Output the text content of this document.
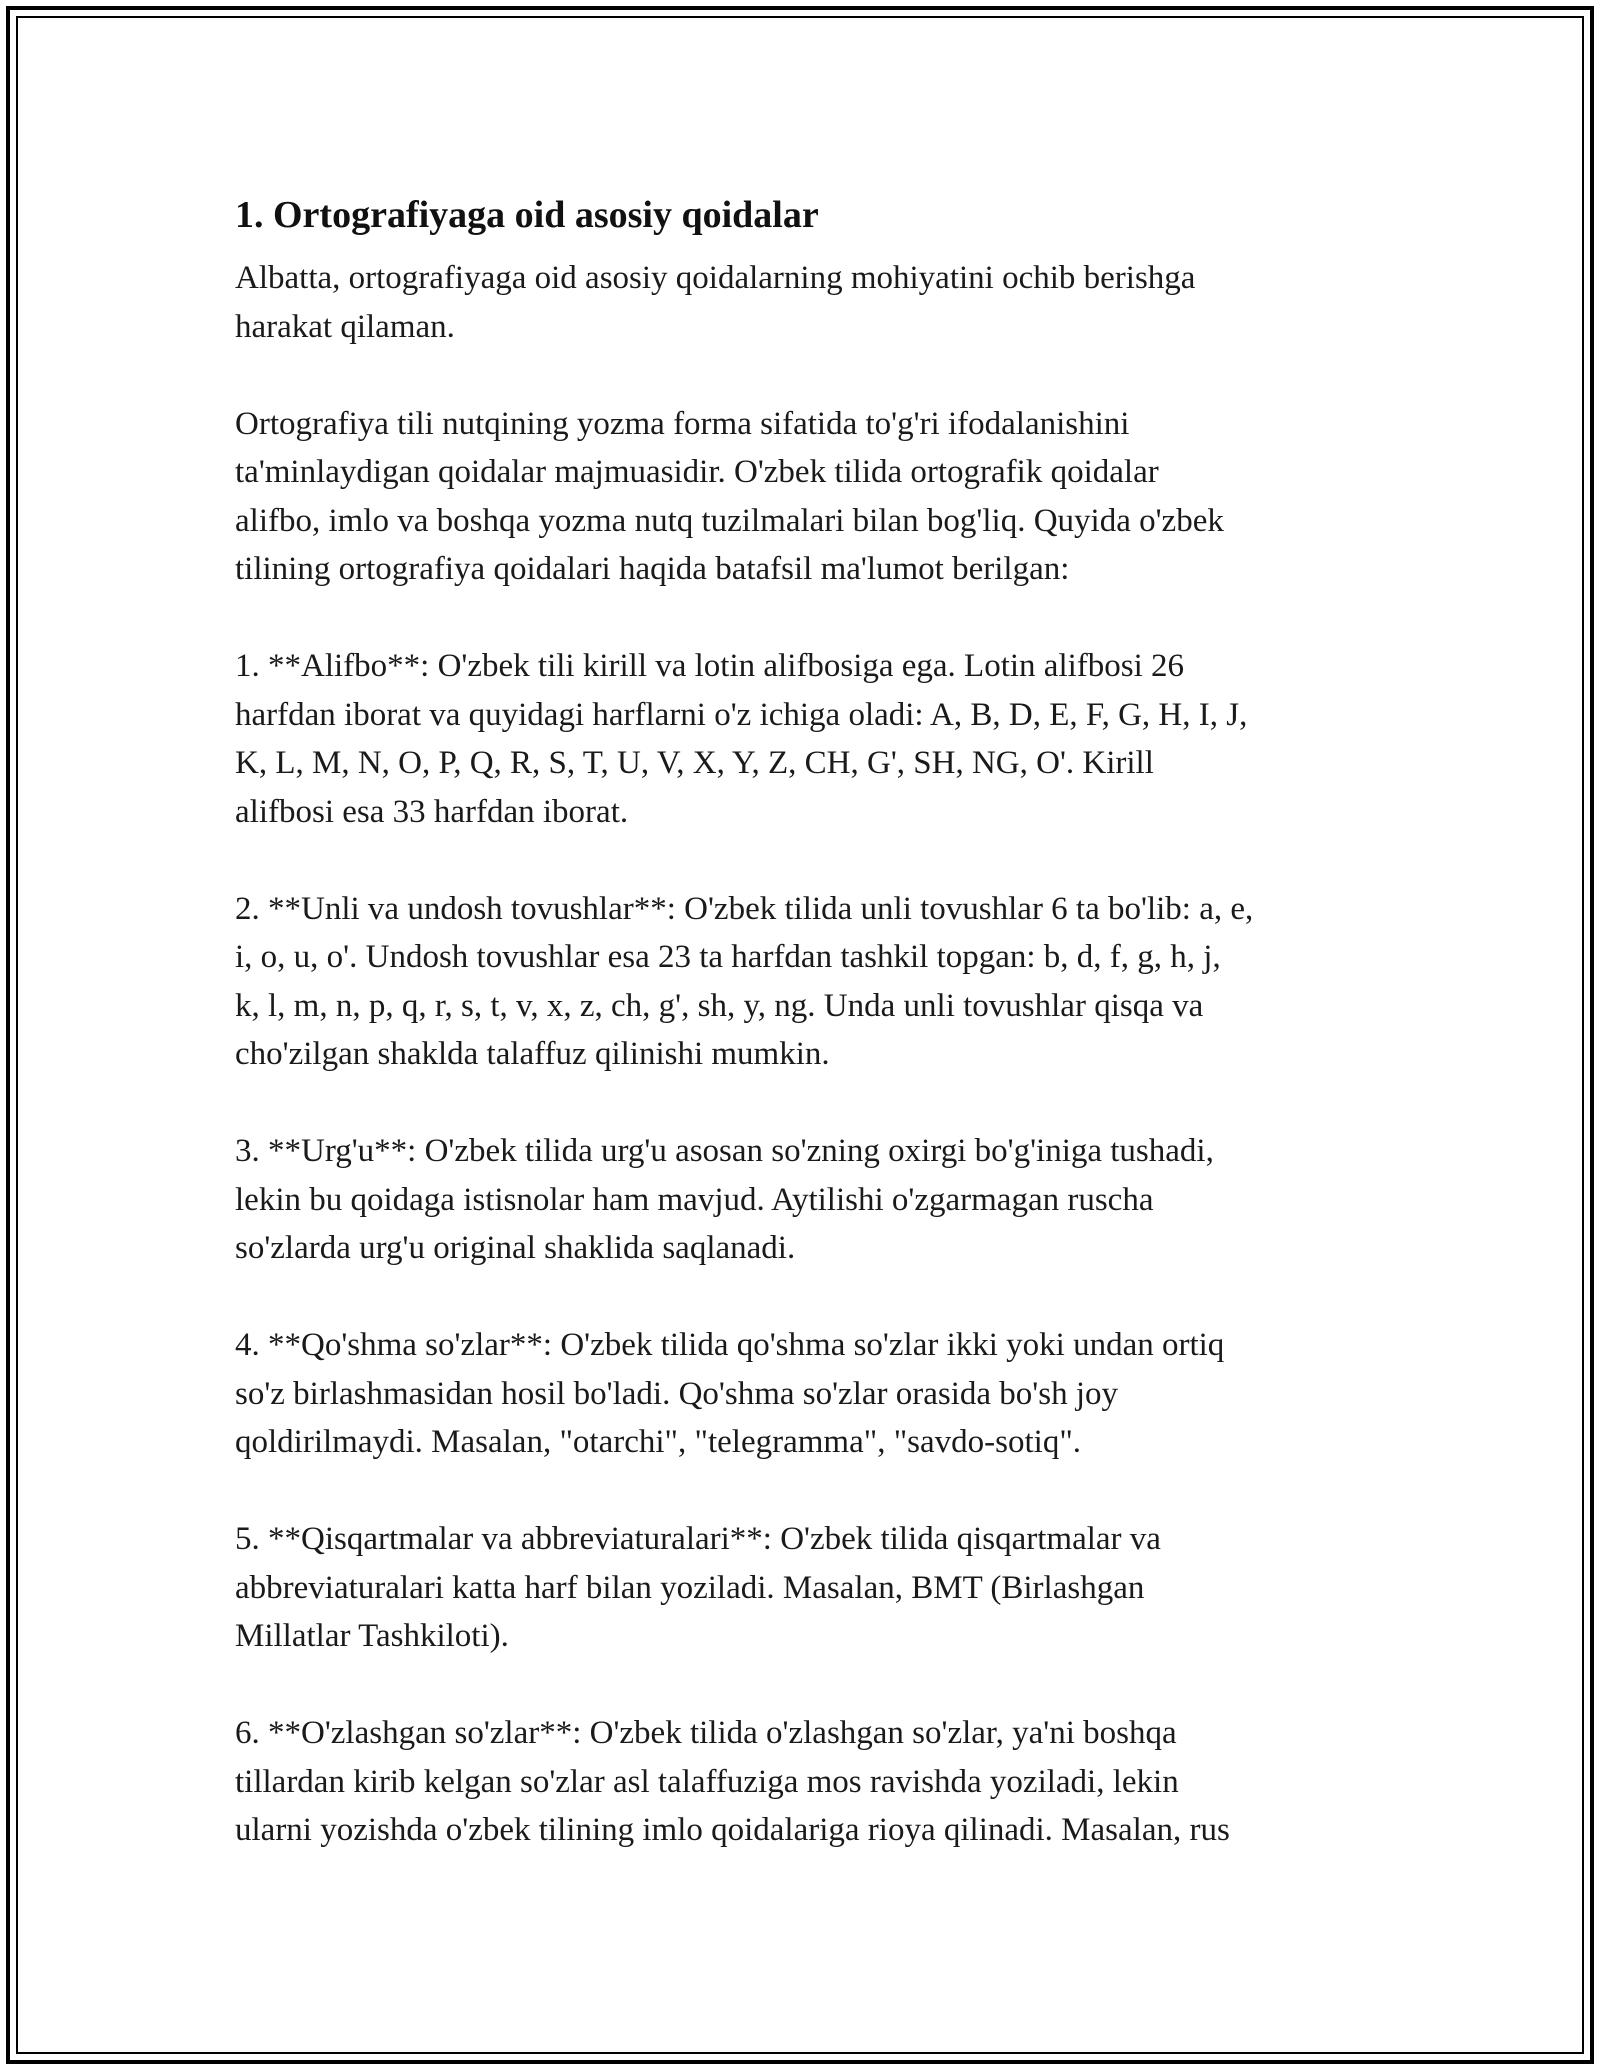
1. Ortografiyaga oid asosiy qoidalar

Albatta, ortografiyaga oid asosiy qoidalarning mohiyatini ochib berishga
harakat qilaman.

Ortografiya tili nutqining yozma forma sifatida to'g'ri ifodalanishini
ta'minlaydigan qoidalar majmuasidir. O'zbek tilida ortografik qoidalar
alifbo, imlo va boshqa yozma nutq tuzilmalari bilan bog'liq. Quyida o'zbek
tilining ortografiya qoidalari haqida batafsil ma'lumot berilgan:

1. **Alifbo**: O'zbek tili kirill va lotin alifbosiga ega. Lotin alifbosi 26
harfdan iborat va quyidagi harflarni o'z ichiga oladi: A, B, D, E, F, G, H, I, J,
K, L, M, N, O, P, Q, R, S, T, U, V, X, Y, Z, CH, G', SH, NG, O'. Kirill
alifbosi esa 33 harfdan iborat.

2. **Unli va undosh tovushlar**: O'zbek tilida unli tovushlar 6 ta bo'lib: a, e,
i, o, u, o'. Undosh tovushlar esa 23 ta harfdan tashkil topgan: b, d, f, g, h, j,
k, l, m, n, p, q, r, s, t, v, x, z, ch, g', sh, y, ng. Unda unli tovushlar qisqa va
cho'zilgan shaklda talaffuz qilinishi mumkin.

3. **Urg'u**: O'zbek tilida urg'u asosan so'zning oxirgi bo'g'iniga tushadi,
lekin bu qoidaga istisnolar ham mavjud. Aytilishi o'zgarmagan ruscha
so'zlarda urg'u original shaklida saqlanadi.

4. **Qo'shma so'zlar**: O'zbek tilida qo'shma so'zlar ikki yoki undan ortiq
so'z birlashmasidan hosil bo'ladi. Qo'shma so'zlar orasida bo'sh joy
qoldirilmaydi. Masalan, "otarchi", "telegramma", "savdo-sotiq".

5. **Qisqartmalar va abbreviaturalari**: O'zbek tilida qisqartmalar va
abbreviaturalari katta harf bilan yoziladi. Masalan, BMT (Birlashgan
Millatlar Tashkiloti).

6. **O'zlashgan so'zlar**: O'zbek tilida o'zlashgan so'zlar, ya'ni boshqa
tillardan kirib kelgan so'zlar asl talaffuziga mos ravishda yoziladi, lekin
ularni yozishda o'zbek tilining imlo qoidalariga rioya qilinadi. Masalan, rus
